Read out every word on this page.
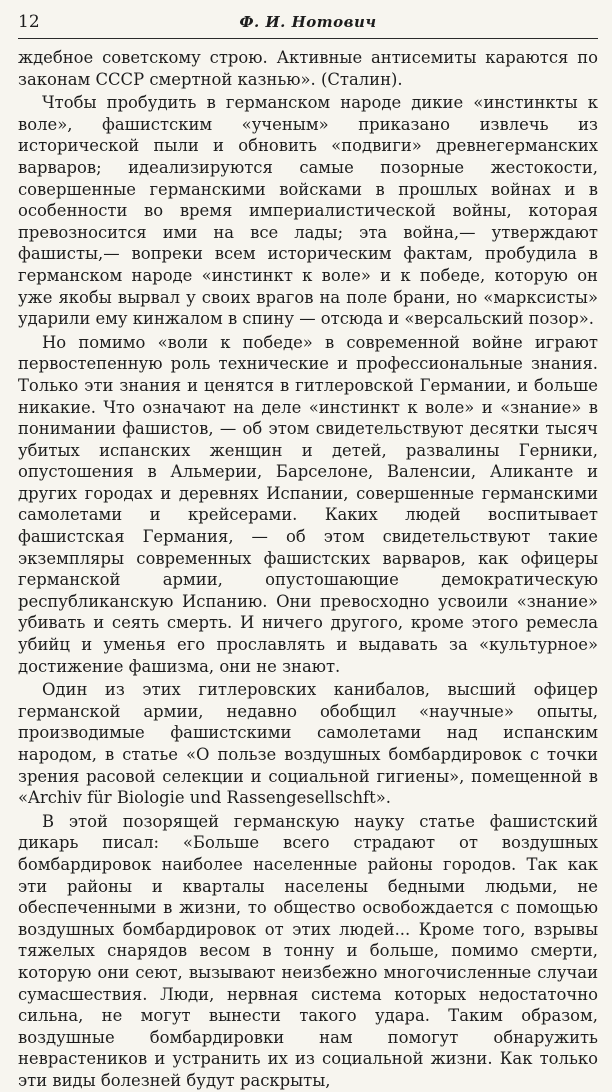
12	Ф. И. Нотович

ждебное советскому строю. Активные антисемиты караются по законам СССР смертной казнью». (Сталин).

Чтобы пробудить в германском народе дикие «инстинкты к воле», фашистским «ученым» приказано извлечь из исторической пыли и обновить «подвиги» древнегерманских варваров; идеализируются самые позорные жестокости, совершенные германскими войсками в прошлых войнах и в особенности во время империалистической войны, которая превозносится ими на все лады; эта война,— утверждают фашисты,— вопреки всем историческим фактам, пробудила в германском народе «инстинкт к воле» и к победе, которую он уже якобы вырвал у своих врагов на поле брани, но «марксисты» ударили ему кинжалом в спину — отсюда и «версальский позор».

Но помимо «воли к победе» в современной войне играют первостепенную роль технические и профессиональные знания. Только эти знания и ценятся в гитлеровской Германии, и больше никакие. Что означают на деле «инстинкт к воле» и «знание» в понимании фашистов, — об этом свидетельствуют десятки тысяч убитых испанских женщин и детей, развалины Герники, опустошения в Альмерии, Барселоне, Валенсии, Аликанте и других городах и деревнях Испании, совершенные германскими самолетами и крейсерами. Каких людей воспитывает фашистская Германия, — об этом свидетельствуют такие экземпляры современных фашистских варваров, как офицеры германской армии, опустошающие демократическую республиканскую Испанию. Они превосходно усвоили «знание» убивать и сеять смерть. И ничего другого, кроме этого ремесла убийц и уменья его прославлять и выдавать за «культурное» достижение фашизма, они не знают.

Один из этих гитлеровских канибалов, высший офицер германской армии, недавно обобщил «научные» опыты, производимые фашистскими самолетами над испанским народом, в статье «О пользе воздушных бомбардировок с точки зрения расовой селекции и социальной гигиены», помещенной в «Archiv für Biologie und Rassengesellschft».

В этой позорящей германскую науку статье фашистский дикарь писал: «Больше всего страдают от воздушных бомбардировок наиболее населенные районы городов. Так как эти районы и кварталы населены бедными людьми, не обеспеченными в жизни, то общество освобождается с помощью воздушных бомбардировок от этих людей... Кроме того, взрывы тяжелых снарядов весом в тонну и больше, помимо смерти, которую они сеют, вызывают неизбежно многочисленные случаи сумасшествия. Люди, нервная система которых недостаточно сильна, не могут вынести такого удара. Таким образом, воздушные бомбардировки нам помогут обнаружить неврастеников и устранить их из социальной жизни. Как только эти виды болезней будут раскрыты,
